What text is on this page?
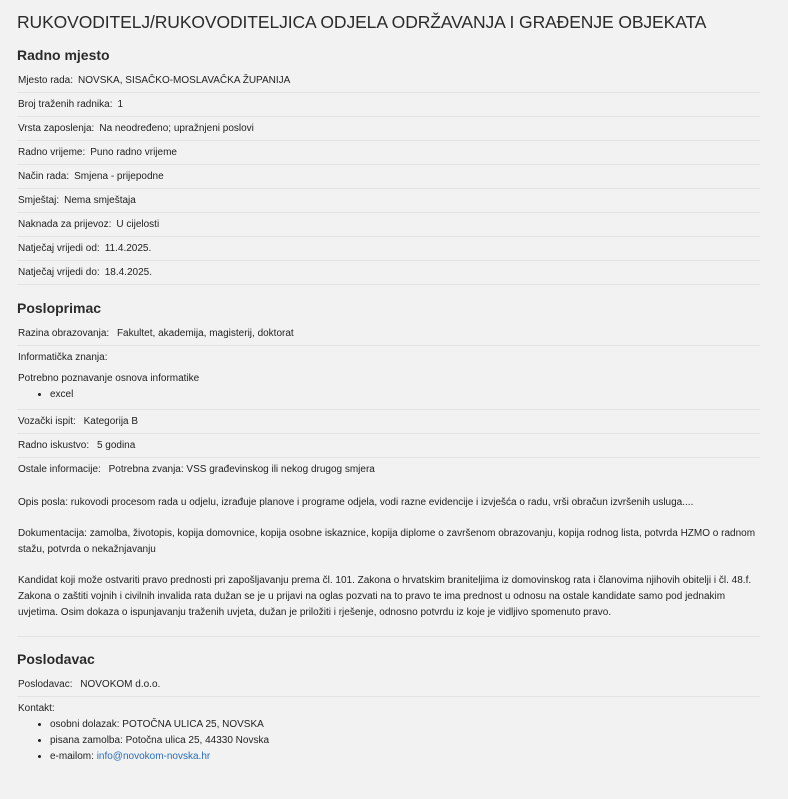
RUKOVODITELJ/RUKOVODITELJICA ODJELA ODRŽAVANJA I GRAĐENJE OBJEKATA
Radno mjesto
Mjesto rada: NOVSKA, SISAČKO-MOSLAVAČKA ŽUPANIJA
Broj traženih radnika: 1
Vrsta zaposlenja: Na neodređeno; upražnjeni poslovi
Radno vrijeme: Puno radno vrijeme
Način rada: Smjena - prijepodne
Smještaj: Nema smještaja
Naknada za prijevoz: U cijelosti
Natječaj vrijedi od: 11.4.2025.
Natječaj vrijedi do: 18.4.2025.
Posloprimac
Razina obrazovanja: Fakultet, akademija, magisterij, doktorat
Informatička znanja:
Potrebno poznavanje osnova informatike
• excel
Vozački ispit: Kategorija B
Radno iskustvo: 5 godina
Ostale informacije: Potrebna zvanja: VSS građevinskog ili nekog drugog smjera
Opis posla: rukovodi procesom rada u odjelu, izrađuje planove i programe odjela, vodi razne evidencije i izvješća o radu, vrši obračun izvršenih usluga....
Dokumentacija: zamolba, životopis, kopija domovnice, kopija osobne iskaznice, kopija diplome o završenom obrazovanju, kopija rodnog lista, potvrda HZMO o radnom stažu, potvrda o nekažnjavanju
Kandidat koji može ostvariti pravo prednosti pri zapošljavanju prema čl. 101. Zakona o hrvatskim braniteljima iz domovinskog rata i članovima njihovih obitelji i čl. 48.f. Zakona o zaštiti vojnih i civilnih invalida rata dužan se je u prijavi na oglas pozvati na to pravo te ima prednost u odnosu na ostale kandidate samo pod jednakim uvjetima. Osim dokaza o ispunjavanju traženih uvjeta, dužan je priložiti i rješenje, odnosno potvrdu iz koje je vidljivo spomenuto pravo.
Poslodavac
Poslodavac: NOVOKOM d.o.o.
Kontakt:
• osobni dolazak: POTOČNA ULICA 25, NOVSKA
• pisana zamolba: Potočna ulica 25, 44330 Novska
• e-mailom: info@novokom-novska.hr
